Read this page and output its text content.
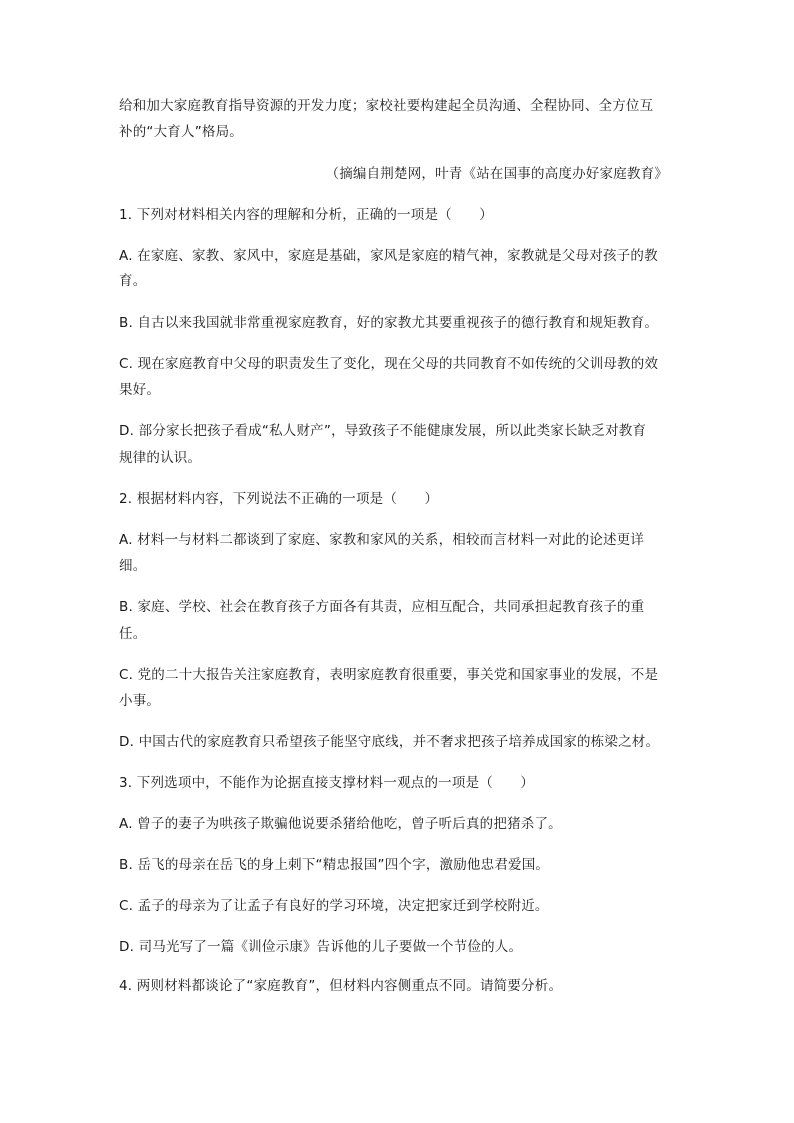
给和加大家庭教育指导资源的开发力度；家校社要构建起全员沟通、全程协同、全方位互
补的“大育人”格局。
（摘编自荆楚网，叶青《站在国事的高度办好家庭教育》
1. 下列对材料相关内容的理解和分析，正确的一项是（　　）
A. 在家庭、家教、家风中，家庭是基础，家风是家庭的精气神，家教就是父母对孩子的教
育。
B. 自古以来我国就非常重视家庭教育，好的家教尤其要重视孩子的德行教育和规矩教育。
C. 现在家庭教育中父母的职责发生了变化，现在父母的共同教育不如传统的父训母教的效
果好。
D. 部分家长把孩子看成“私人财产”，导致孩子不能健康发展，所以此类家长缺乏对教育
规律的认识。
2. 根据材料内容，下列说法不正确的一项是（　　）
A. 材料一与材料二都谈到了家庭、家教和家风的关系，相较而言材料一对此的论述更详
细。
B. 家庭、学校、社会在教育孩子方面各有其责，应相互配合，共同承担起教育孩子的重
任。
C. 党的二十大报告关注家庭教育，表明家庭教育很重要，事关党和国家事业的发展，不是
小事。
D. 中国古代的家庭教育只希望孩子能坚守底线，并不奢求把孩子培养成国家的栋梁之材。
3. 下列选项中，不能作为论据直接支撑材料一观点的一项是（　　）
A. 曾子的妻子为哄孩子欺骗他说要杀猪给他吃，曾子听后真的把猪杀了。
B. 岳飞的母亲在岳飞的身上刺下“精忠报国”四个字，激励他忠君爱国。
C. 孟子的母亲为了让孟子有良好的学习环境，决定把家迁到学校附近。
D. 司马光写了一篇《训俭示康》告诉他的儿子要做一个节俭的人。
4. 两则材料都谈论了“家庭教育”，但材料内容侧重点不同。请简要分析。
